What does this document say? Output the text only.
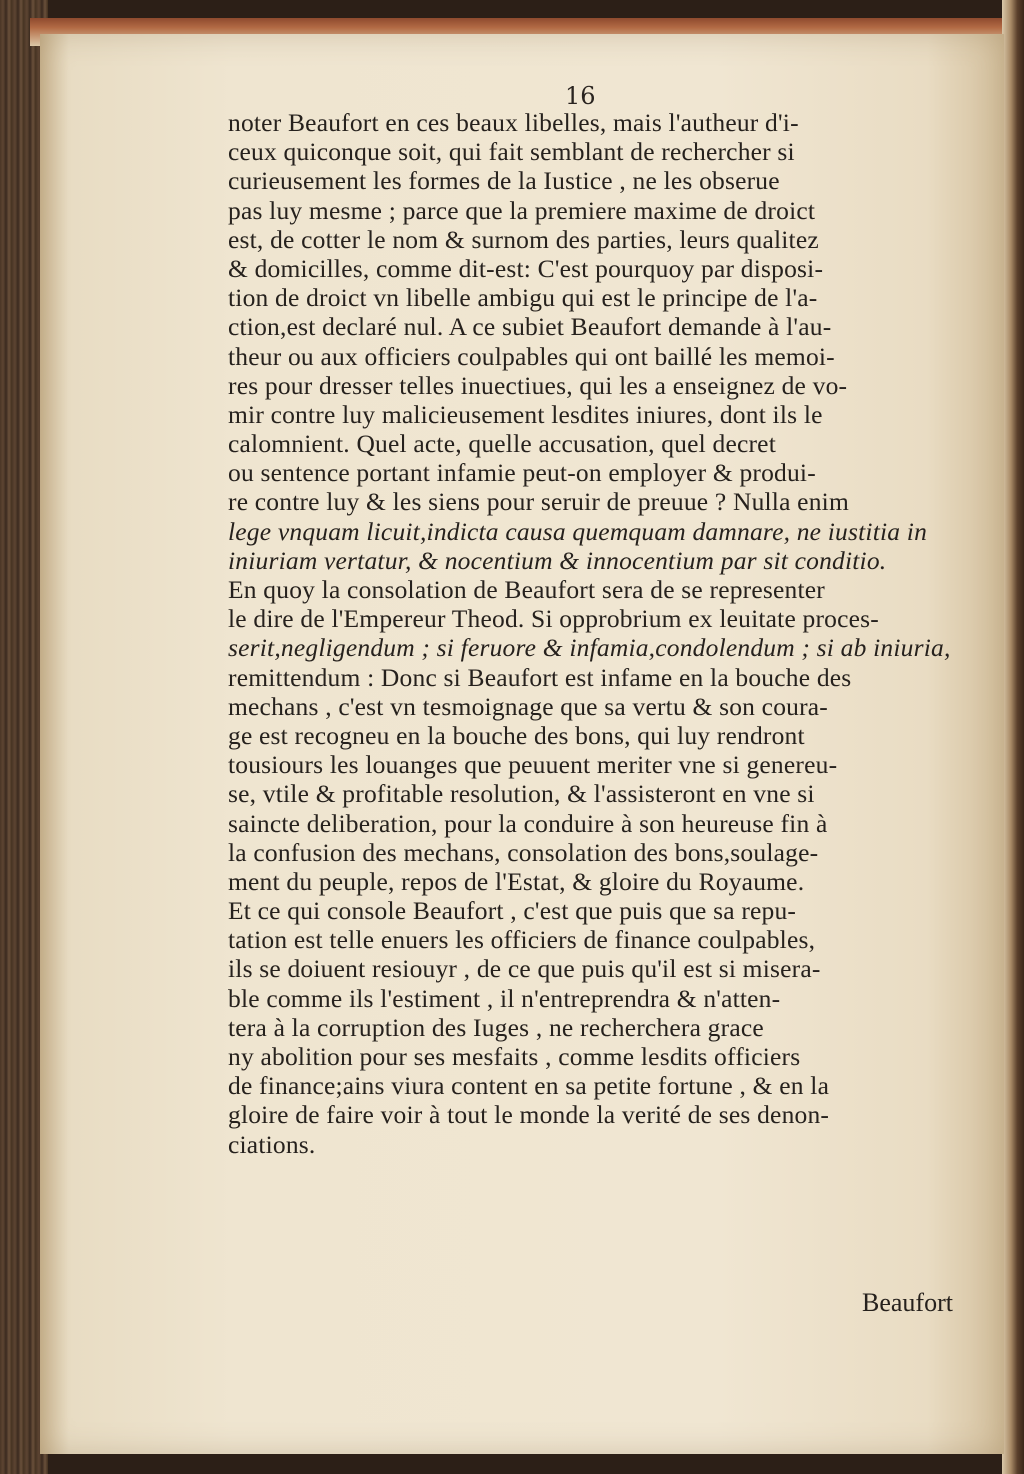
16
noter Beaufort en ces beaux libelles, mais l'autheur d'i-
ceux quiconque soit, qui fait semblant de rechercher si
curieusement les formes de la Iustice , ne les obserue
pas luy mesme ; parce que la premiere maxime de droict
est, de cotter le nom & surnom des parties, leurs qualitez
& domicilles, comme dit-est: C'est pourquoy par disposi-
tion de droict vn libelle ambigu qui est le principe de l'a-
ction,est declaré nul. A ce subiet Beaufort demande à l'au-
theur ou aux officiers coulpables qui ont baillé les memoi-
res pour dresser telles inuectiues, qui les a enseignez de vo-
mir contre luy malicieusement lesdites iniures, dont ils le
calomnient. Quel acte, quelle accusation, quel decret
ou sentence portant infamie peut-on employer & produi-
re contre luy & les siens pour seruir de preuue ? Nulla enim
lege vnquam licuit,indicta causa quemquam damnare, ne iustitia in
iniuriam vertatur, & nocentium & innocentium par sit conditio.
En quoy la consolation de Beaufort sera de se representer
le dire de l'Empereur Theod. Si opprobrium ex leuitate proces-
serit,negligendum ; si feruore & infamia,condolendum ; si ab iniuria,
remittendum : Donc si Beaufort est infame en la bouche des
mechans , c'est vn tesmoignage que sa vertu & son coura-
ge est recogneu en la bouche des bons, qui luy rendront
tousiours les louanges que peuuent meriter vne si genereu-
se, vtile & profitable resolution, & l'assisteront en vne si
saincte deliberation, pour la conduire à son heureuse fin à
la confusion des mechans, consolation des bons,soulage-
ment du peuple, repos de l'Estat, & gloire du Royaume.
Et ce qui console Beaufort , c'est que puis que sa repu-
tation est telle enuers les officiers de finance coulpables,
ils se doiuent resiouyr , de ce que puis qu'il est si misera-
ble comme ils l'estiment , il n'entreprendra & n'atten-
tera à la corruption des Iuges , ne recherchera grace
ny abolition pour ses mesfaits , comme lesdits officiers
de finance;ains viura content en sa petite fortune , & en la
gloire de faire voir à tout le monde la verité de ses denon-
ciations.
Beaufort
